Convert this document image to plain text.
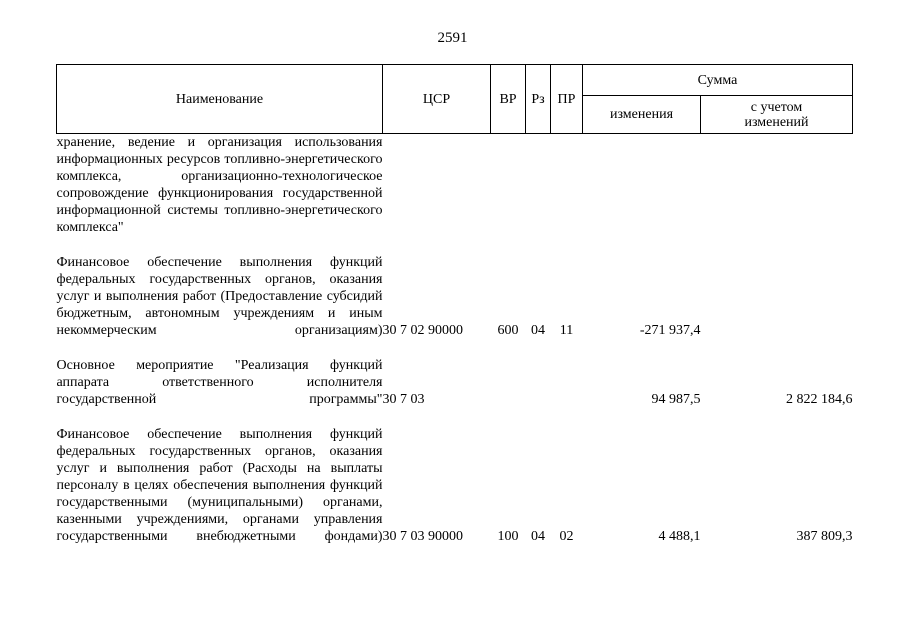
2591
Наименование	ЦСР	ВР	Рз	ПР	Сумма	
					изменения	с учетом изменений
хранение, ведение и организация использования информационных ресурсов топливно-энергетического комплекса, организационно-технологическое сопровождение функционирования государственной информационной системы топливно-энергетического комплекса"						

Финансовое обеспечение выполнения функций федеральных государственных органов, оказания услуг и выполнения работ (Предоставление субсидий бюджетным, автономным учреждениям и иным некоммерческим организациям)	30 7 02 90000	600	04	11	-271 937,4	

Основное мероприятие "Реализация функций аппарата ответственного исполнителя государственной программы"	30 7 03				94 987,5	2 822 184,6

Финансовое обеспечение выполнения функций федеральных государственных органов, оказания услуг и выполнения работ (Расходы на выплаты персоналу в целях обеспечения выполнения функций государственными (муниципальными) органами, казенными учреждениями, органами управления государственными внебюджетными фондами)	30 7 03 90000	100	04	02	4 488,1	387 809,3
